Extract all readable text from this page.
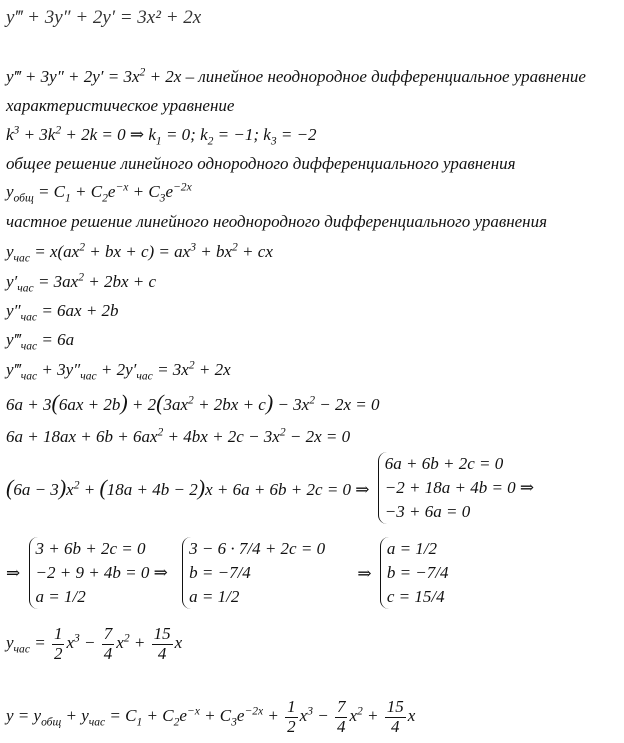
y‴ + 3y″ + 2y′ = 3x² + 2x
y‴ + $3y'' + 2y' = 3x^2 + 2x$ – линейное неоднородное дифференциальное уравнение
характеристическое уравнение
$k^3 + 3k^2 + 2k = 0$ ⇒ $k_1 = 0$; $k_2 = -1$; $k_3 = -2$
общее решение линейного однородного дифференциального уравнения
$y_{общ} = C_1 + C_2e^{-x} + C_3e^{-2x}$
частное решение линейного неоднородного дифференциального уравнения
$y_{час} = x(ax^2$ + bx + $c) = ax^3 + bx^2$ + cx
$y'_{час} = 3ax^2 + 2bx + c$
$y''_{час} = 6ax + 2b$
$y‴_{час} = 6a$
$y‴_{час} + 3y''_{час} + 2y'_{час} = 3x^2 + 2x$
$6a + 3(6ax + 2b) + 2(3ax^2 + 2bx + c) - 3x^2 - 2x = 0$
$6a + 18ax + 6b + 6ax^2 + 4bx + 2c - 3x^2 - 2x = 0$
$(6a - 3)x^2 + (18a + 4b - 2)x + 6a + 6b + 2c = 0$ ⇒
6a + 6b + 2c = 0
−2 + 18a + 4b = 0 ⇒
−3 + 6a = 0
⇒
3 + 6b + 2c = 0
−2 + 9 + 4b = 0 ⇒
a = 1/2

3 − 6 · 7/4 + 2c = 0
b = −7/4
a = 1/2
⇒
a = 1/2
b = −7/4
c = 15/4
$y_{час} = \frac{1}{2} x^3 - \frac{7}{4} x^2 + \frac{15}{4}$ x
$y = y_{общ} + y_{час} = C_1 + C_2e^{-x} + C_3e^{-2x} + \frac{1}{2} x^3 - \frac{7}{4} x^2 + \frac{15}{4}$ x
